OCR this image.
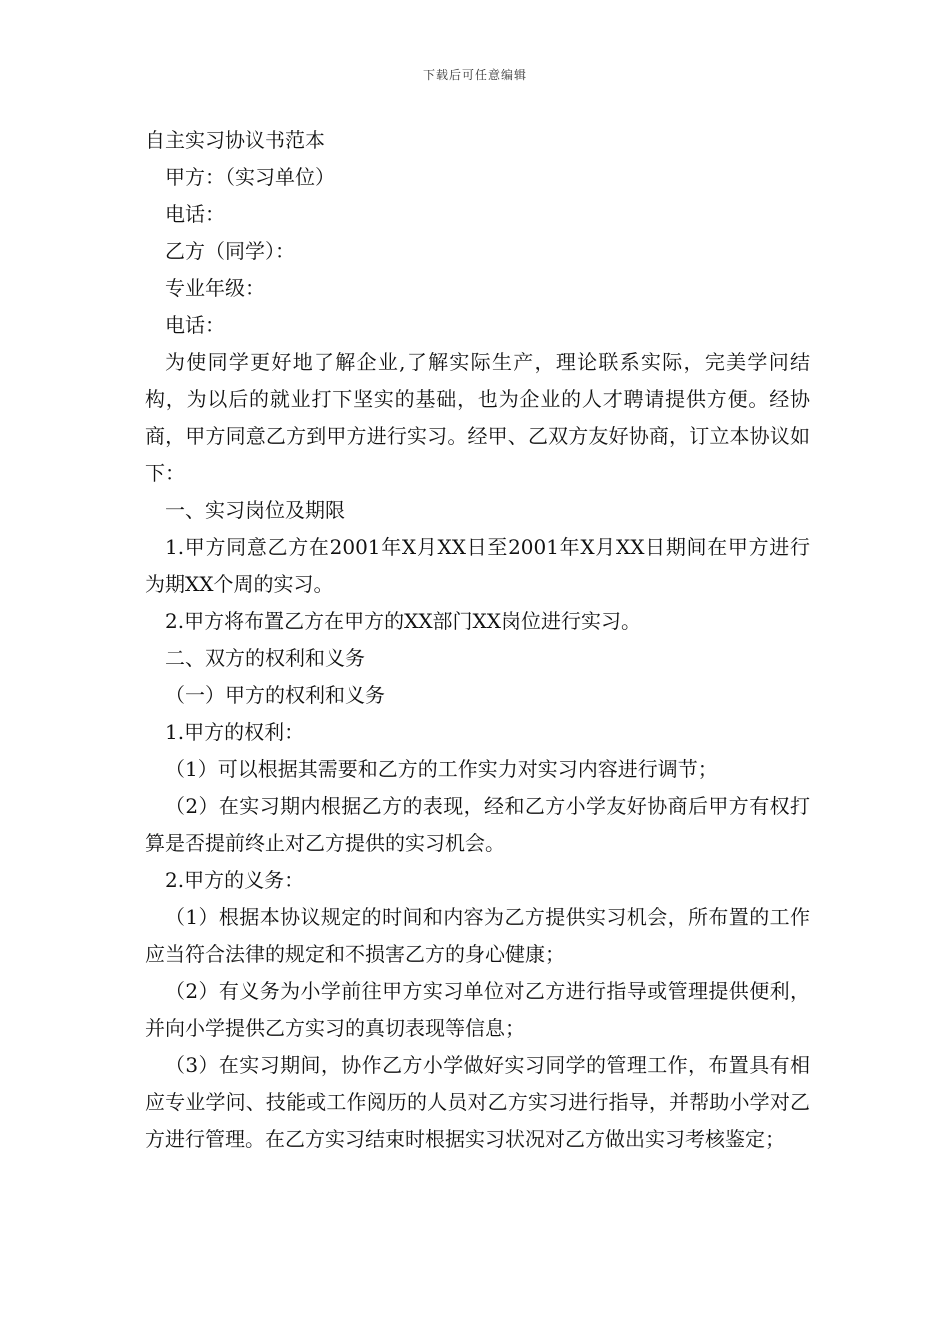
下载后可任意编辑

自主实习协议书范本

甲方：（实习单位）

电话：

乙方（同学）：

专业年级：

电话：

为使同学更好地了解企业,了解实际生产，理论联系实际，完美学问结构，为以后的就业打下坚实的基础，也为企业的人才聘请提供方便。经协商，甲方同意乙方到甲方进行实习。经甲、乙双方友好协商，订立本协议如下：

一、实习岗位及期限

1.甲方同意乙方在2001年X月XX日至2001年X月XX日期间在甲方进行为期XX个周的实习。

2.甲方将布置乙方在甲方的XX部门XX岗位进行实习。

二、双方的权利和义务

（一）甲方的权利和义务

1.甲方的权利：

（1）可以根据其需要和乙方的工作实力对实习内容进行调节；

（2）在实习期内根据乙方的表现，经和乙方小学友好协商后甲方有权打算是否提前终止对乙方提供的实习机会。

2.甲方的义务：

（1）根据本协议规定的时间和内容为乙方提供实习机会，所布置的工作应当符合法律的规定和不损害乙方的身心健康；

（2）有义务为小学前往甲方实习单位对乙方进行指导或管理提供便利，并向小学提供乙方实习的真切表现等信息；

（3）在实习期间，协作乙方小学做好实习同学的管理工作，布置具有相应专业学问、技能或工作阅历的人员对乙方实习进行指导，并帮助小学对乙方进行管理。在乙方实习结束时根据实习状况对乙方做出实习考核鉴定；
